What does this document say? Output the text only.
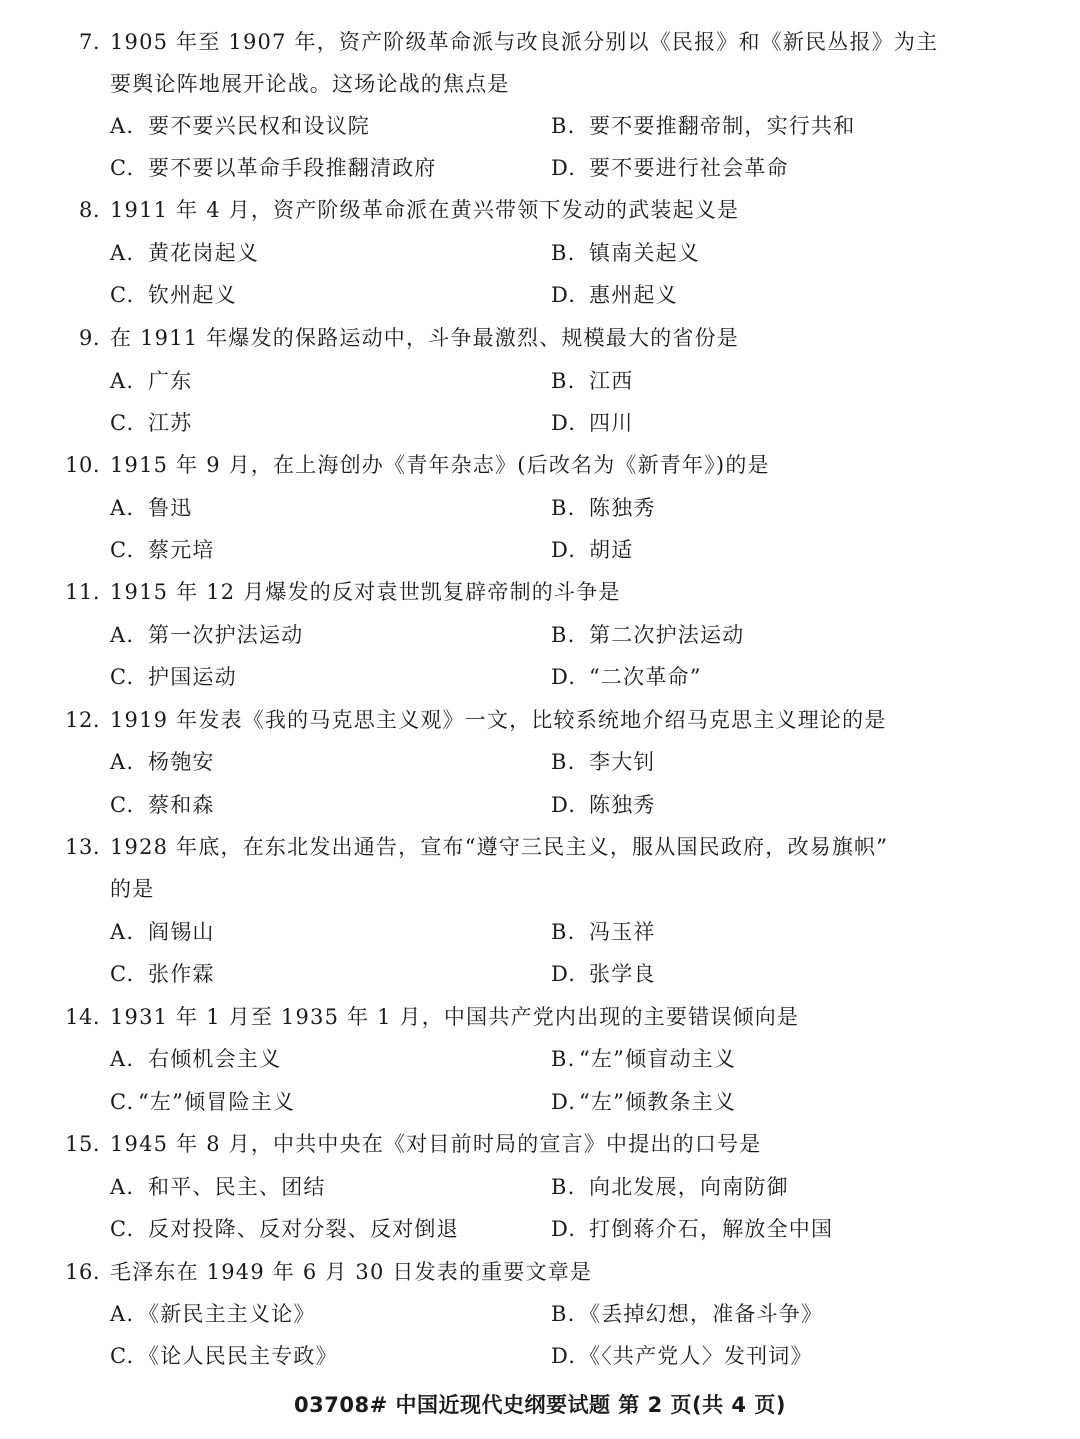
7. 1905 年至 1907 年，资产阶级革命派与改良派分别以《民报》和《新民丛报》为主
要舆论阵地展开论战。这场论战的焦点是
A. 要不要兴民权和设议院	B. 要不要推翻帝制，实行共和
C. 要不要以革命手段推翻清政府	D. 要不要进行社会革命
8. 1911 年 4 月，资产阶级革命派在黄兴带领下发动的武装起义是
A. 黄花岗起义	B. 镇南关起义
C. 钦州起义	D. 惠州起义
9. 在 1911 年爆发的保路运动中，斗争最激烈、规模最大的省份是
A. 广东	B. 江西
C. 江苏	D. 四川
10. 1915 年 9 月，在上海创办《青年杂志》(后改名为《新青年》)的是
A. 鲁迅	B. 陈独秀
C. 蔡元培	D. 胡适
11. 1915 年 12 月爆发的反对袁世凯复辟帝制的斗争是
A. 第一次护法运动	B. 第二次护法运动
C. 护国运动	D. “二次革命”
12. 1919 年发表《我的马克思主义观》一文，比较系统地介绍马克思主义理论的是
A. 杨匏安	B. 李大钊
C. 蔡和森	D. 陈独秀
13. 1928 年底，在东北发出通告，宣布“遵守三民主义，服从国民政府，改易旗帜”
的是
A. 阎锡山	B. 冯玉祥
C. 张作霖	D. 张学良
14. 1931 年 1 月至 1935 年 1 月，中国共产党内出现的主要错误倾向是
A. 右倾机会主义	B. “左”倾盲动主义
C. “左”倾冒险主义	D. “左”倾教条主义
15. 1945 年 8 月，中共中央在《对目前时局的宣言》中提出的口号是
A. 和平、民主、团结	B. 向北发展，向南防御
C. 反对投降、反对分裂、反对倒退	D. 打倒蒋介石，解放全中国
16. 毛泽东在 1949 年 6 月 30 日发表的重要文章是
A. 《新民主主义论》	B. 《丢掉幻想，准备斗争》
C. 《论人民民主专政》	D. 《〈共产党人〉发刊词》
03708# 中国近现代史纲要试题 第 2 页(共 4 页)
